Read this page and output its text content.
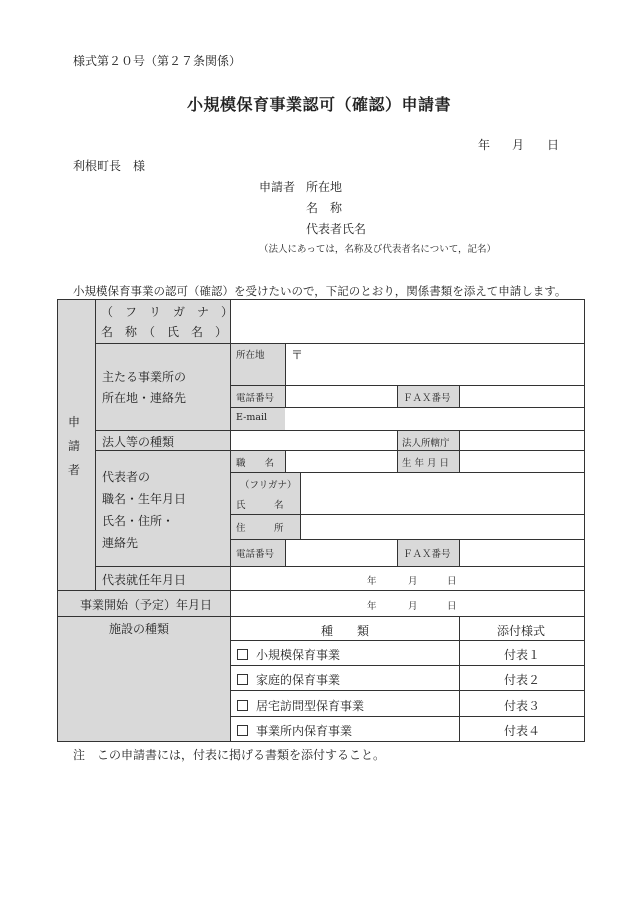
様式第２０号（第２７条関係）
小規模保育事業認可（確認）申請書
年 月 日
利根町長　様
申請者 所在地
名　称
代表者氏名
（法人にあっては，名称及び代表者名について，記名）
小規模保育事業の認可（確認）を受けたいので，下記のとおり，関係書類を添えて申請します。
申
請
者
（　フ　リ　ガ　ナ　）
名　称　（　氏　名　）
主たる事業所の
所在地・連絡先
所在地 〒
電話番号	ＦＡＸ番号
E-mail
法人等の種類	法人所轄庁
代表者の
職名・生年月日
氏名・住所・
連絡先
職　　名	生 年 月 日
（フリガナ）
氏　　　名
住　　　所
電話番号	ＦＡＸ番号
代表就任年月日	年	月	日
事業開始（予定）年月日	年	月	日
施設の種類	種　　類	添付様式
小規模保育事業	付表１
家庭的保育事業	付表２
居宅訪問型保育事業	付表３
事業所内保育事業	付表４
注　この申請書には，付表に掲げる書類を添付すること。
